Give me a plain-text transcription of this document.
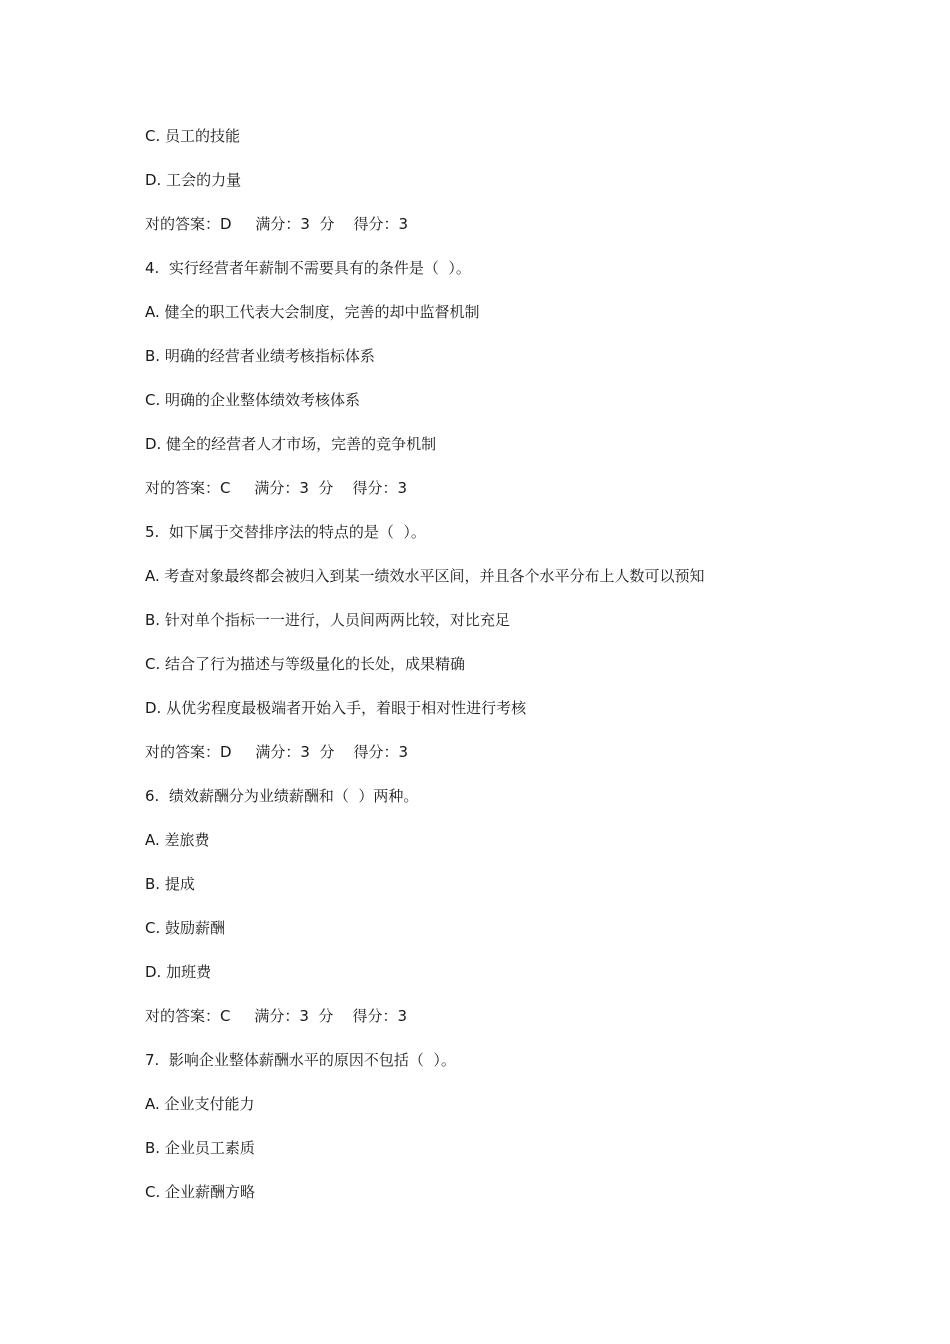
C. 员工的技能
D. 工会的力量
对的答案：D     满分：3  分    得分：3
4.  实行经营者年薪制不需要具有的条件是（  ）。
A. 健全的职工代表大会制度，完善的却中监督机制
B. 明确的经营者业绩考核指标体系
C. 明确的企业整体绩效考核体系
D. 健全的经营者人才市场，完善的竞争机制
对的答案：C     满分：3  分    得分：3
5.  如下属于交替排序法的特点的是（  ）。
A. 考查对象最终都会被归入到某一绩效水平区间，并且各个水平分布上人数可以预知
B. 针对单个指标一一进行，人员间两两比较，对比充足
C. 结合了行为描述与等级量化的长处，成果精确
D. 从优劣程度最极端者开始入手，着眼于相对性进行考核
对的答案：D     满分：3  分    得分：3
6.  绩效薪酬分为业绩薪酬和（  ）两种。
A. 差旅费
B. 提成
C. 鼓励薪酬
D. 加班费
对的答案：C     满分：3  分    得分：3
7.  影响企业整体薪酬水平的原因不包括（  ）。
A. 企业支付能力
B. 企业员工素质
C. 企业薪酬方略
